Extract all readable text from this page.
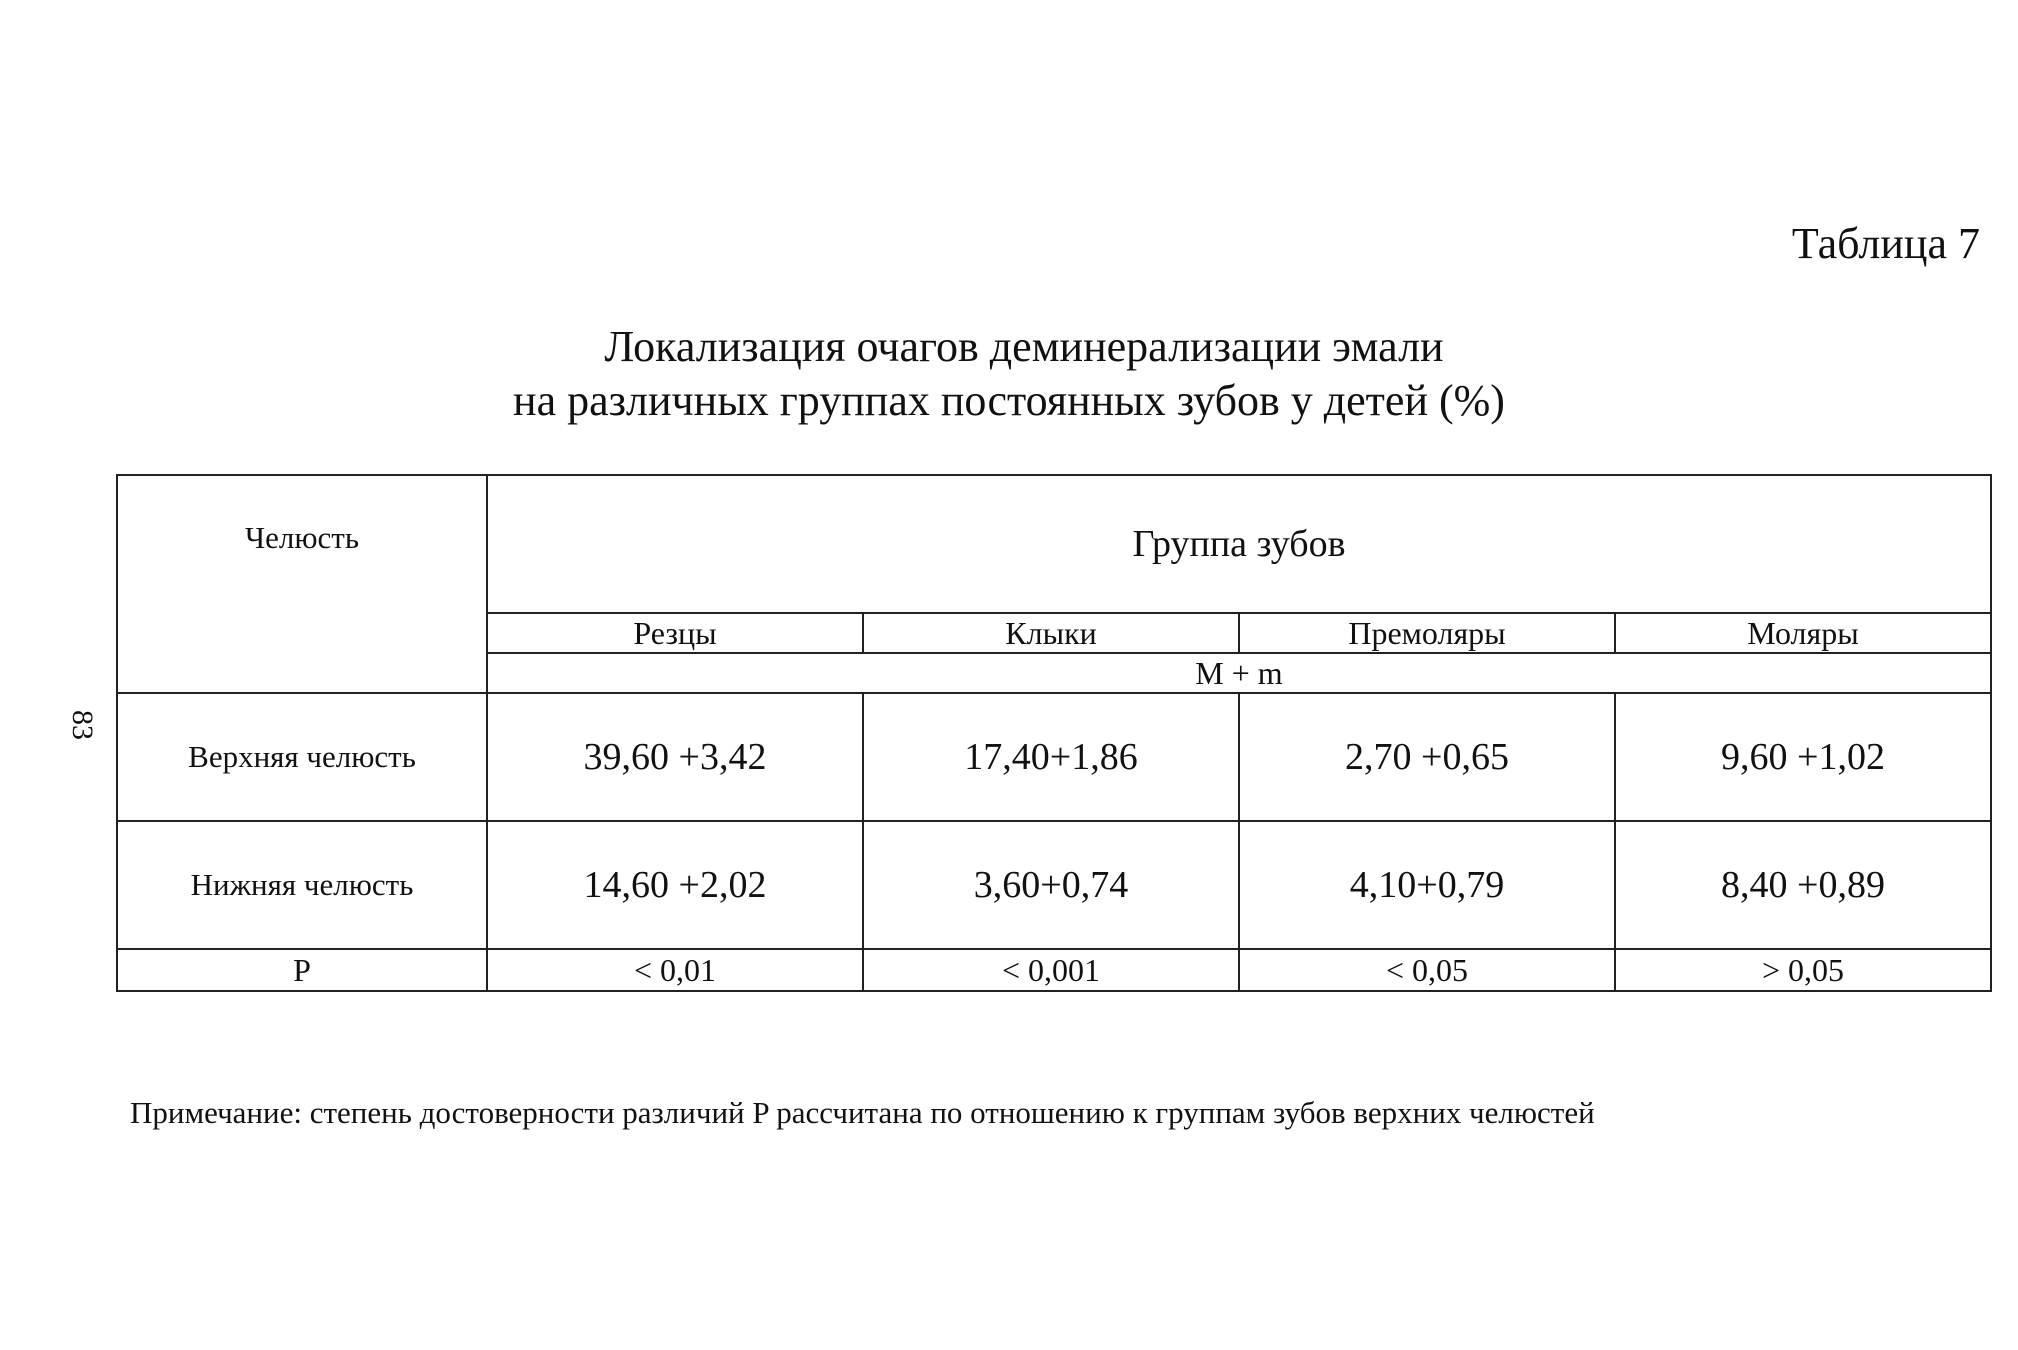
83
Таблица 7
Локализация очагов деминерализации эмали
на различных группах постоянных зубов у детей (%)
Челюсть	Группа зубов			
	Резцы	Клыки	Премоляры	Моляры
	M + m			
Верхняя челюсть	39,60 +3,42	17,40+1,86	2,70 +0,65	9,60 +1,02
Нижняя челюсть	14,60 +2,02	3,60+0,74	4,10+0,79	8,40 +0,89
P	< 0,01	< 0,001	< 0,05	> 0,05
Примечание: степень достоверности различий P рассчитана по отношению к группам зубов верхних челюстей
